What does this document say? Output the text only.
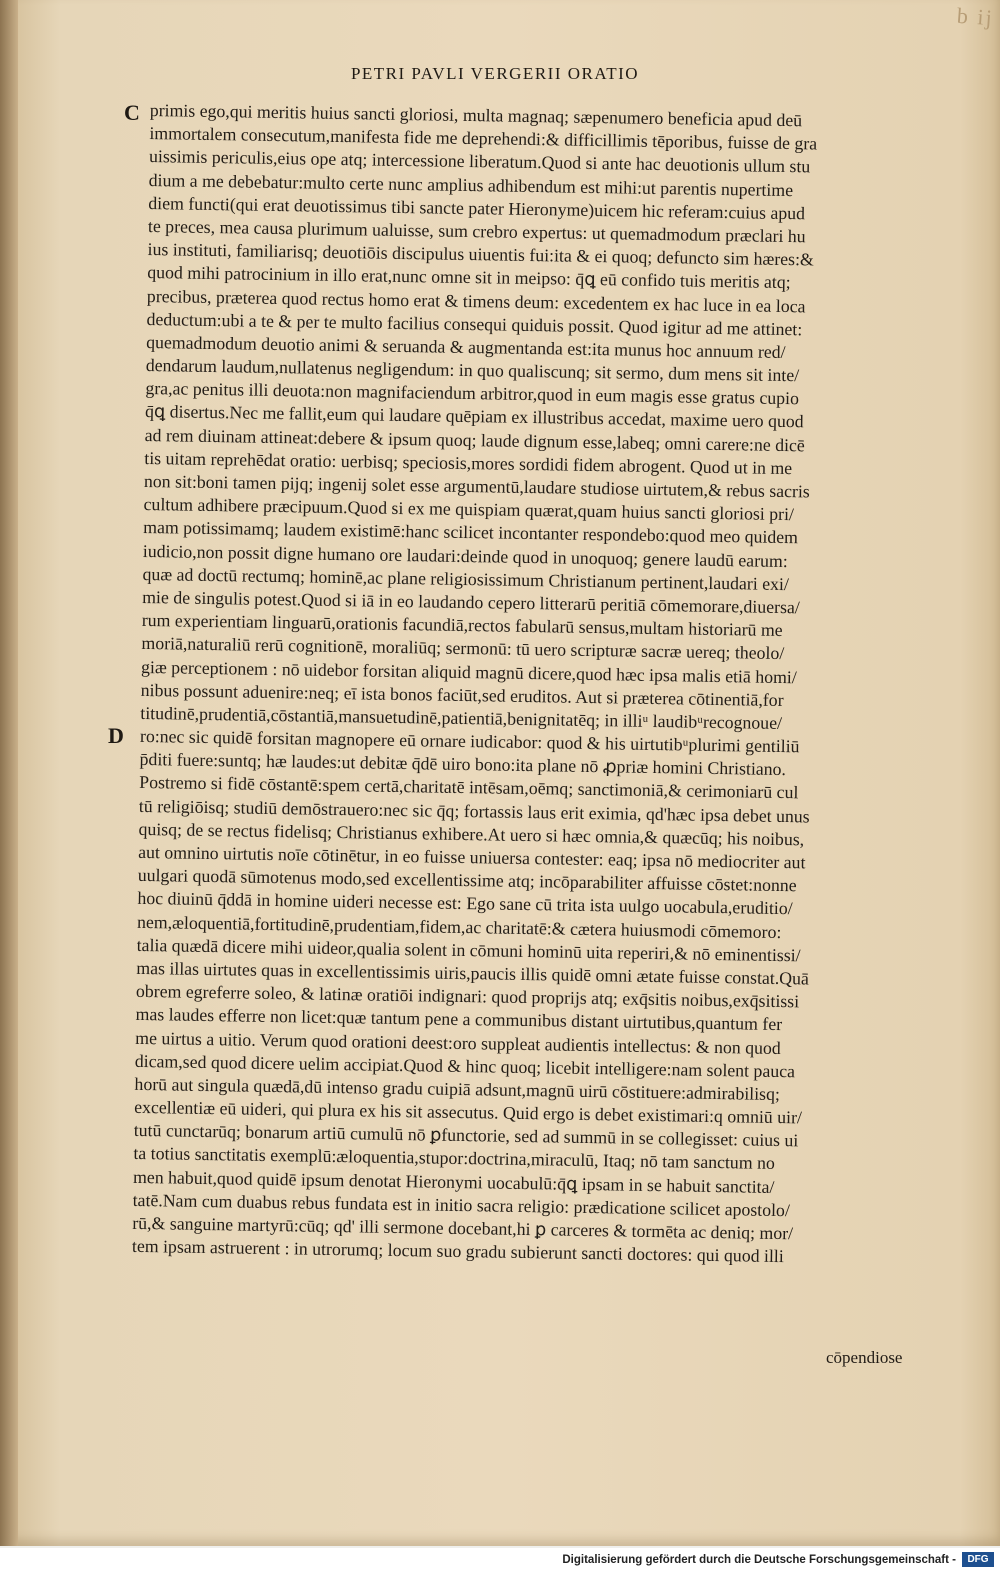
b ij
PETRI PAVLI VERGERII ORATIO
C
D
primis ego,qui meritis huius sancti gloriosi, multa magnaq; sæpenumero beneficia apud deū
immortalem consecutum,manifesta fide me deprehendi:& difficillimis tēporibus, fuisse de gra
uissimis periculis,eius ope atq; intercessione liberatum.Quod si ante hac deuotionis ullum stu
dium a me debebatur:multo certe nunc amplius adhibendum est mihi:ut parentis nupertime
diem functi(qui erat deuotissimus tibi sancte pater Hieronyme)uicem hic referam:cuius apud
te preces, mea causa plurimum ualuisse, sum crebro expertus: ut quemadmodum præclari hu
ius instituti, familiarisq; deuotiōis discipulus uiuentis fui:ita & ei quoq; defuncto sim hæres:&
quod mihi patrocinium in illo erat,nunc omne sit in meipso: q̄ꝗ eū confido tuis meritis atq;
precibus, præterea quod rectus homo erat & timens deum: excedentem ex hac luce in ea loca
deductum:ubi a te & per te multo facilius consequi quiduis possit. Quod igitur ad me attinet:
quemadmodum deuotio animi & seruanda & augmentanda est:ita munus hoc annuum red/
dendarum laudum,nullatenus negligendum: in quo qualiscunq; sit sermo, dum mens sit inte/
gra,ac penitus illi deuota:non magnifaciendum arbitror,quod in eum magis esse gratus cupio
q̄ꝗ disertus.Nec me fallit,eum qui laudare quēpiam ex illustribus accedat, maxime uero quod
ad rem diuinam attineat:debere & ipsum quoq; laude dignum esse,labeq; omni carere:ne dicē
tis uitam reprehēdat oratio: uerbisq; speciosis,mores sordidi fidem abrogent. Quod ut in me
non sit:boni tamen pijq; ingenij solet esse argumentū,laudare studiose uirtutem,& rebus sacris
cultum adhibere præcipuum.Quod si ex me quispiam quærat,quam huius sancti gloriosi pri/
mam potissimamq; laudem existimē:hanc scilicet incontanter respondebo:quod meo quidem
iudicio,non possit digne humano ore laudari:deinde quod in unoquoq; genere laudū earum:
quæ ad doctū rectumq; hominē,ac plane religiosissimum Christianum pertinent,laudari exi/
mie de singulis potest.Quod si iā in eo laudando cepero litterarū peritiā cōmemorare,diuersa/
rum experientiam linguarū,orationis facundiā,rectos fabularū sensus,multam historiarū me
moriā,naturaliū rerū cognitionē, moraliūq; sermonū: tū uero scripturæ sacræ uereq; theolo/
giæ perceptionem : nō uidebor forsitan aliquid magnū dicere,quod hæc ipsa malis etiā homi/
nibus possunt aduenire:neq; eī ista bonos faciūt,sed eruditos. Aut si præterea cōtinentiā,for
titudinē,prudentiā,cōstantiā,mansuetudinē,patientiā,benignitatēq; in illiᵘ laudibᵘrecognoue/
ro:nec sic quidē forsitan magnopere eū ornare iudicabor: quod & his uirtutibᵘplurimi gentiliū
p̄diti fuere:suntq; hæ laudes:ut debitæ q̄dē uiro bono:ita plane nō ꝓpriæ homini Christiano.
Postremo si fidē cōstantē:spem certā,charitatē intēsam,oēmq; sanctimoniā,& cerimoniarū cul
tū religiōisq; studiū demōstrauero:nec sic q̄q; fortassis laus erit eximia, qd'hæc ipsa debet unus
quisq; de se rectus fidelisq; Christianus exhibere.At uero si hæc omnia,& quæcūq; his noibus,
aut omnino uirtutis noīe cōtinētur, in eo fuisse uniuersa contester: eaq; ipsa nō mediocriter aut
uulgari quodā sūmotenus modo,sed excellentissime atq; incōparabiliter affuisse cōstet:nonne
hoc diuinū q̄ddā in homine uideri necesse est: Ego sane cū trita ista uulgo uocabula,eruditio/
nem,æloquentiā,fortitudinē,prudentiam,fidem,ac charitatē:& cætera huiusmodi cōmemoro:
talia quædā dicere mihi uideor,qualia solent in cōmuni hominū uita reperiri,& nō eminentissi/
mas illas uirtutes quas in excellentissimis uiris,paucis illis quidē omni ætate fuisse constat.Quā
obrem egreferre soleo, & latinæ oratiōi indignari: quod proprijs atq; exq̄sitis noibus,exq̄sitissi
mas laudes efferre non licet:quæ tantum pene a communibus distant uirtutibus,quantum fer
me uirtus a uitio. Verum quod orationi deest:oro suppleat audientis intellectus: & non quod
dicam,sed quod dicere uelim accipiat.Quod & hinc quoq; licebit intelligere:nam solent pauca
horū aut singula quædā,dū intenso gradu cuipiā adsunt,magnū uirū cōstituere:admirabilisq;
excellentiæ eū uideri, qui plura ex his sit assecutus. Quid ergo is debet existimari:q omniū uir/
tutū cunctarūq; bonarum artiū cumulū nō ꝑfunctorie, sed ad summū in se collegisset: cuius ui
ta totius sanctitatis exemplū:æloquentia,stupor:doctrina,miraculū, Itaq; nō tam sanctum no
men habuit,quod quidē ipsum denotat Hieronymi uocabulū:q̄ꝗ ipsam in se habuit sanctita/
tatē.Nam cum duabus rebus fundata est in initio sacra religio: prædicatione scilicet apostolo/
rū,& sanguine martyrū:cūq; qd' illi sermone docebant,hi ꝑ carceres & tormēta ac deniq; mor/
tem ipsam astruerent : in utrorumq; locum suo gradu subierunt sancti doctores: qui quod illi
cōpendiose
Digitalisierung gefördert durch die Deutsche Forschungsgemeinschaft -	DFG
